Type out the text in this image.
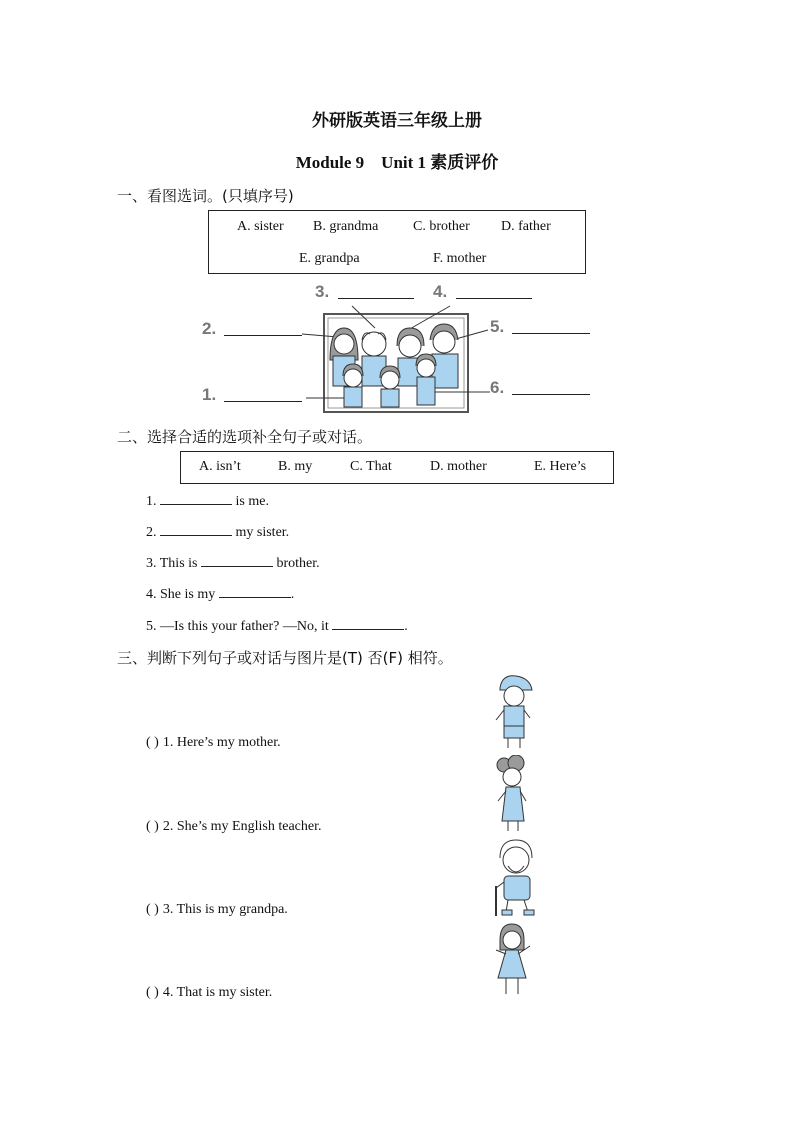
外研版英语三年级上册
Module 9    Unit 1 素质评价
一、看图选词。(只填序号)
A. sister B. grandma C. brother D. father
E. grandpa	F. mother
3.	4.
2.	5.
1.	6.
二、选择合适的选项补全句子或对话。
A. isn’t	B. my	C. That	D. mother	E. Here’s
1.	is me.
2.	my sister.
3. This is	brother.
4. She is my	.
5. —Is this your father? —No, it	.
三、判断下列句子或对话与图片是(T) 否(F) 相符。
( ) 1. Here’s my mother.
( ) 2. She’s my English teacher.
( ) 3. This is my grandpa.
( ) 4. That is my sister.
